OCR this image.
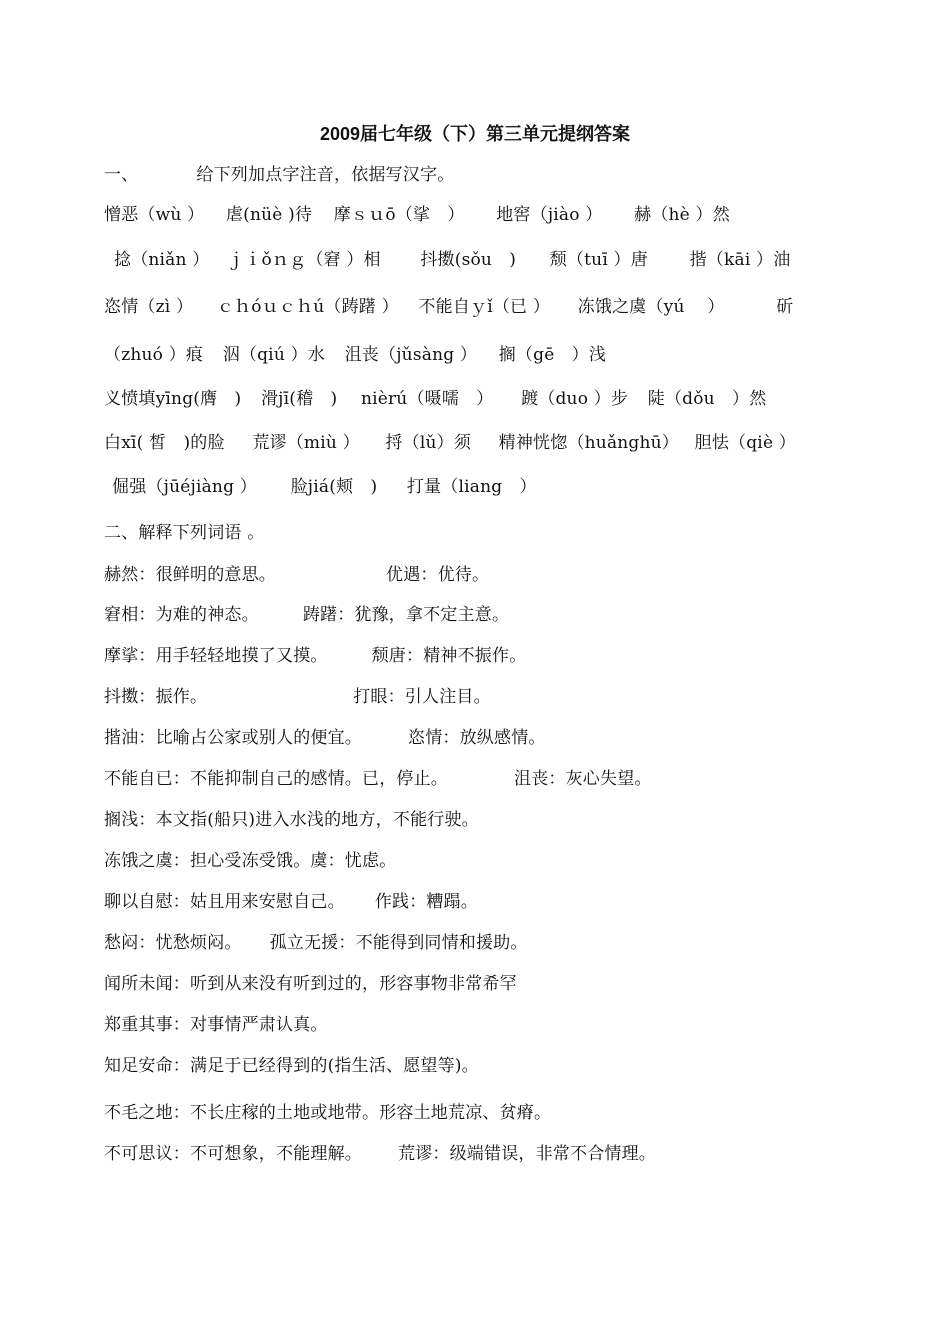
2009届七年级（下）第三单元提纲答案
一、	给下列加点字注音，依据写汉字。
憎恶（wù ） 虐(nüè )待 摩ｓｕō（挲　） 地窖（jiào ） 赫（hè ）然
捻（niǎn ） ｊｉǒｎｇ（窘 ）相 抖擞(sǒu　) 颓（tuī ）唐 揩（kāi ）油
恣情（zì ） ｃｈóｕｃｈú（踌躇 ） 不能自ｙǐ（已 ） 冻饿之虞（yú　 ）	斫
（zhuó ）痕 泅（qiú ）水 沮丧（jǔsàng ） 搁（gē　）浅
义愤填yīng(膺　) 滑jī(稽　) nièrú（嗫嚅　） 踱（duo ）步 陡（dǒu　）然
白xī( 皙　)的脸 荒谬（miù ） 捋（lǔ）须 精神恍惚（huǎnghū） 胆怯（qiè ）
倔强（jūéjiàng ） 脸jiá(颊　) 打量（liang　）
二、解释下列词语 。
赫然：很鲜明的意思。	优遇：优待。
窘相：为难的神态。	踌躇：犹豫，拿不定主意。
摩挲：用手轻轻地摸了又摸。	颓唐：精神不振作。
抖擞：振作。	打眼：引人注目。
揩油：比喻占公家或别人的便宜。	恣情：放纵感情。
不能自已：不能抑制自己的感情。已，停止。	沮丧：灰心失望。
搁浅：本文指(船只)进入水浅的地方，不能行驶。
冻饿之虞：担心受冻受饿。虞：忧虑。
聊以自慰：姑且用来安慰自己。 作践：糟蹋。
愁闷：忧愁烦闷。 孤立无援：不能得到同情和援助。
闻所未闻：听到从来没有听到过的，形容事物非常希罕
郑重其事：对事情严肃认真。
知足安命：满足于已经得到的(指生活、愿望等)。
不毛之地：不长庄稼的土地或地带。形容土地荒凉、贫瘠。
不可思议：不可想象，不能理解。 荒谬：级端错误，非常不合情理。
